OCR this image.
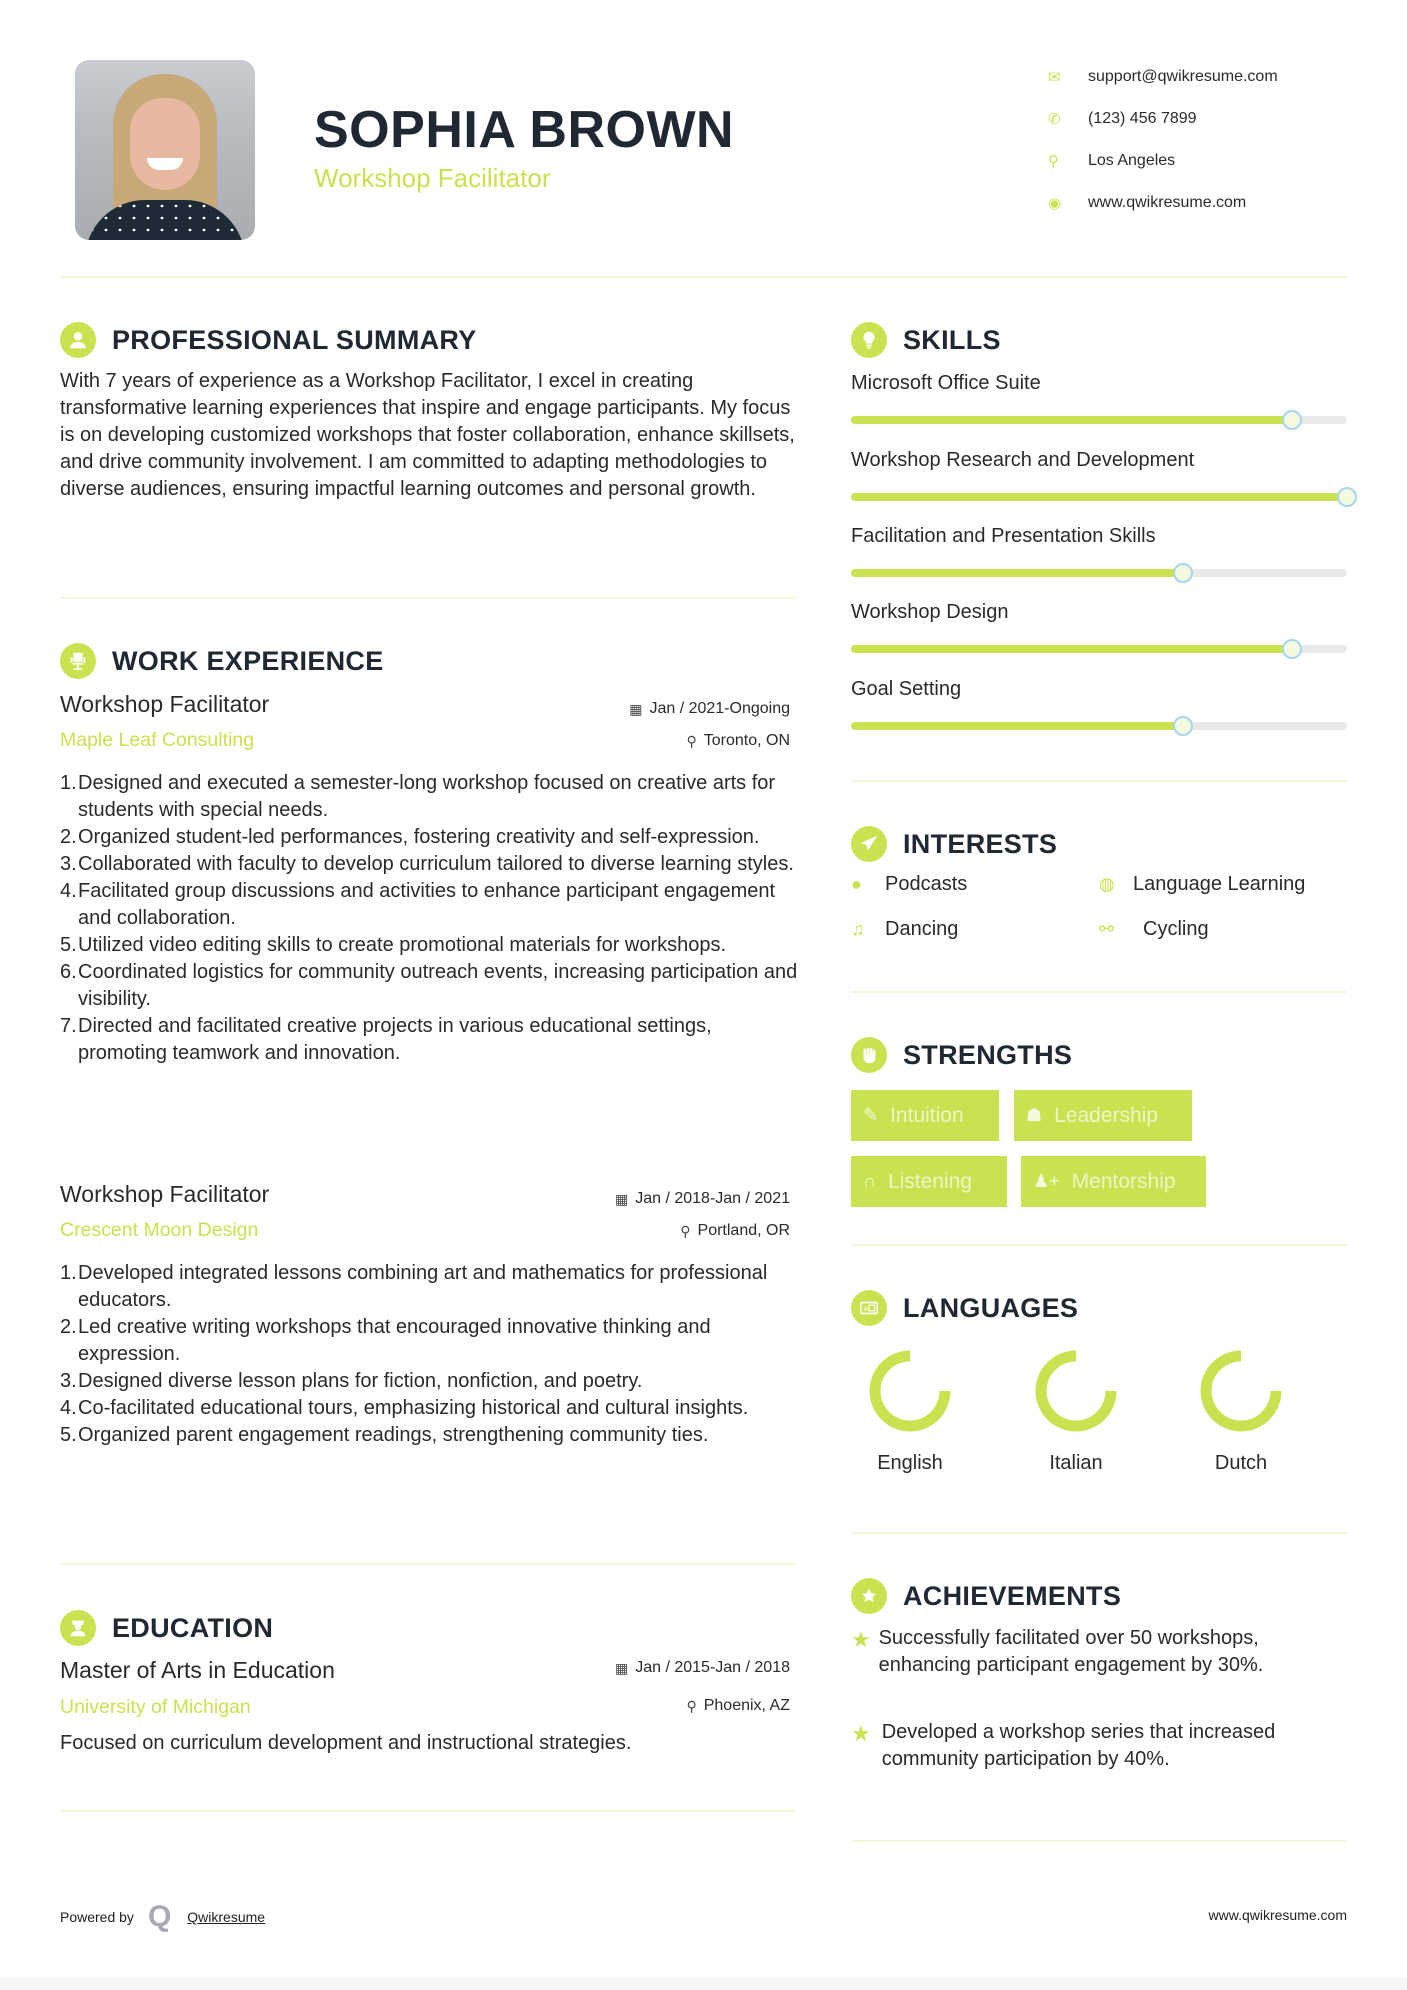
SOPHIA BROWN
Workshop Facilitator
✉	support@qwikresume.com
✆	(123) 456 7899
⚲	Los Angeles
◉	www.qwikresume.com
PROFESSIONAL SUMMARY
With 7 years of experience as a Workshop Facilitator, I excel in creating transformative learning experiences that inspire and engage participants. My focus is on developing customized workshops that foster collaboration, enhance skillsets, and drive community involvement. I am committed to adapting methodologies to diverse audiences, ensuring impactful learning outcomes and personal growth.
WORK EXPERIENCE
Workshop Facilitator	▦ Jan / 2021-Ongoing
Maple Leaf Consulting	⚲ Toronto, ON
Designed and executed a semester-long workshop focused on creative arts for students with special needs.
Organized student-led performances, fostering creativity and self-expression.
Collaborated with faculty to develop curriculum tailored to diverse learning styles.
Facilitated group discussions and activities to enhance participant engagement and collaboration.
Utilized video editing skills to create promotional materials for workshops.
Coordinated logistics for community outreach events, increasing participation and visibility.
Directed and facilitated creative projects in various educational settings, promoting teamwork and innovation.
Workshop Facilitator	▦ Jan / 2018-Jan / 2021
Crescent Moon Design	⚲ Portland, OR
Developed integrated lessons combining art and mathematics for professional educators.
Led creative writing workshops that encouraged innovative thinking and expression.
Designed diverse lesson plans for fiction, nonfiction, and poetry.
Co-facilitated educational tours, emphasizing historical and cultural insights.
Organized parent engagement readings, strengthening community ties.
EDUCATION
Master of Arts in Education	▦ Jan / 2015-Jan / 2018
University of Michigan	⚲ Phoenix, AZ
Focused on curriculum development and instructional strategies.
SKILLS
Microsoft Office Suite
Workshop Research and Development
Facilitation and Presentation Skills
Workshop Design
Goal Setting
INTERESTS
●	Podcasts	◍ Language Learning
♫	Dancing	⚯	Cycling
STRENGTHS
✎ Intuition	☗ Leadership
∩ Listening	♟+ Mentorship
A LANGUAGES
English	Italian	Dutch
ACHIEVEMENTS
★ Successfully facilitated over 50 workshops, enhancing participant engagement by 30%.
★ Developed a workshop series that increased community participation by 40%.
Powered by Q Qwikresume	www.qwikresume.com
